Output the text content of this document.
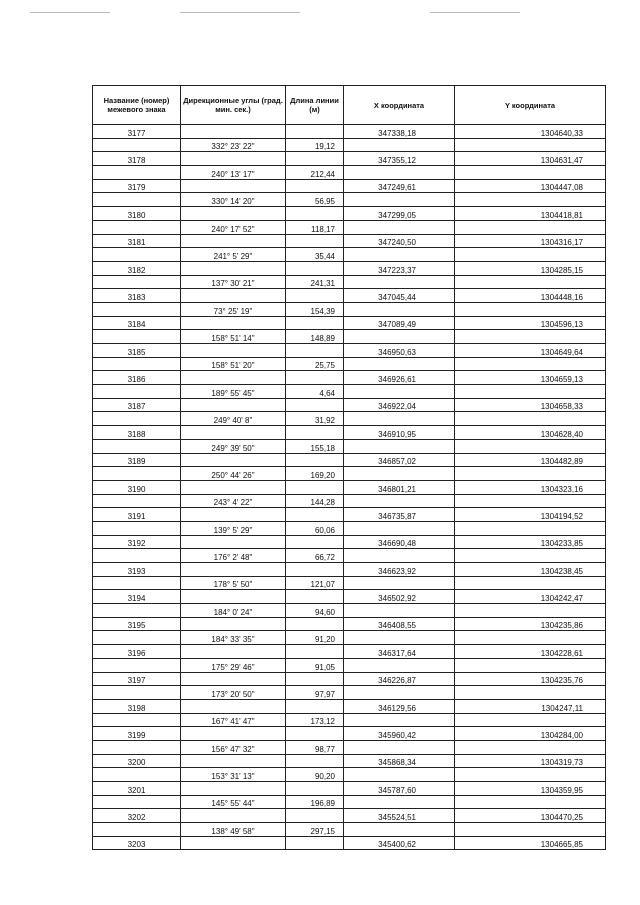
Название (номер) межевого знака	Дирекционные углы (град. мин. сек.)	Длина линии (м)	X координата	Y координата
3177			347338,18	1304640,33
	332° 23' 22"	19,12		
3178			347355,12	1304631,47
	240° 13' 17"	212,44		
3179			347249,61	1304447,08
	330° 14' 20"	56,95		
3180			347299,05	1304418,81
	240° 17' 52"	118,17		
3181			347240,50	1304316,17
	241° 5' 29"	35,44		
3182			347223,37	1304285,15
	137° 30' 21"	241,31		
3183			347045,44	1304448,16
	73° 25' 19"	154,39		
3184			347089,49	1304596,13
	158° 51' 14"	148,89		
3185			346950,63	1304649,64
	158° 51' 20"	25,75		
3186			346926,61	1304659,13
	189° 55' 45"	4,64		
3187			346922,04	1304658,33
	249° 40' 8"	31,92		
3188			346910,95	1304628,40
	249° 39' 50"	155,18		
3189			346857,02	1304482,89
	250° 44' 26"	169,20		
3190			346801,21	1304323,16
	243° 4' 22"	144,28		
3191			346735,87	1304194,52
	139° 5' 29"	60,06		
3192			346690,48	1304233,85
	176° 2' 48"	66,72		
3193			346623,92	1304238,45
	178° 5' 50"	121,07		
3194			346502,92	1304242,47
	184° 0' 24"	94,60		
3195			346408,55	1304235,86
	184° 33' 35"	91,20		
3196			346317,64	1304228,61
	175° 29' 46"	91,05		
3197			346226,87	1304235,76
	173° 20' 50"	97,97		
3198			346129,56	1304247,11
	167° 41' 47"	173,12		
3199			345960,42	1304284,00
	156° 47' 32"	98,77		
3200			345868,34	1304319,73
	153° 31' 13"	90,20		
3201			345787,60	1304359,95
	145° 55' 44"	196,89		
3202			345524,51	1304470,25
	138° 49' 58"	297,15		
3203			345400,62	1304665,85
